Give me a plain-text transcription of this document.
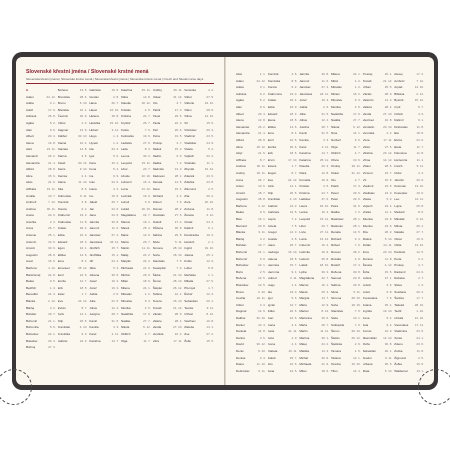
Slovenské křestní jména / Slovenské krstné mená
Slovenská křestní jména | Slovenské krstné mená | Slovenská křestní jména | Slovenské krstné mená | Czech and Slovak name days
A
Adam	24. 12.
Adéla	3. 1.
Adolf	17. 6.
Adriana	26. 8.
Agáta	5. 2.
Alan	9. 6.
Albert	20. 4.
Alena	13. 8.
Aleš	24. 11.
Alexandr	26. 2.
Alexandra	21. 4.
Alfréd	28. 8.
Alice	15. 6.
Alois	21. 6.
Alžběta	19. 11.
Amálie	10. 7.
Ambrož	7. 12.
Andrea	30. 11.
Aneta	20. 6.
Anežka	2. 3.
Anna	26. 7.
Antonie	25. 1.
Antonín	13. 6.
Arnošt	30. 6.
Augustin	28. 8.
Aurel	15. 6.
Barbora	4. 12.
Bartoloměj	24. 8.
Beáta	9. 5.
Bedřich	1. 3.
Benedikt	21. 3.
Blanka	2. 12.
Blažej	3. 2.
Bohdan	19. 7.
Bohumil	21. 1.
Bohumila	5. 9.
Bohuslav	22. 1.
Boleslav	29. 3.
Bořivoj	27. 3.
Božena	13. 5.
Bronislav	28. 6.
Bruno	6. 10.
Břetislav	10. 1.
Čestmír	26. 9.
Ctibor	4. 3.
Dagmar	12. 9.
Dalibor	30. 10.
Daniel	10. 4.
Daniela	14. 8.
Darina	3. 5.
David	30. 12.
Denis	9. 10.
Denisa	2. 4.
Diana	11. 10.
Dita	8. 6.
Dobroslav	6. 11.
Dominik	4. 8.
Dorota	6. 2.
Drahomír	23. 3.
Drahoslav	11. 8.
Dušan	26. 4.
Edita	16. 9.
Eduard	18. 3.
Egon	16. 1.
Eliška	14. 6.
Ema	8. 4.
Emanuel	25. 12.
Emil	22. 5.
Emílie	12. 7.
Erik	18. 5.
Ester	1. 7.
Eva	24. 12.
Evžen	8. 7.
Felix	14. 1.
Filip	26. 5.
František	4. 10.
Františka	9. 3.
Gabriel	24. 3.
Gabriela	19. 5.
Gustav	2. 8.
Hana	26. 7.
Havel	16. 10.
Helena	18. 8.
Hedvika	15. 10.
Hubert	3. 11.
Hugo	1. 4.
Hynek	1. 2.
Ida	23. 3.
Igor	5. 6.
Ilona	15. 4.
Irena	5. 4.
Iva	9. 9.
Ivan	24. 6.
Ivana	4. 4.
Ivo	19. 5.
Jakub	25. 7.
Jan	24. 6.
Jana	24. 5.
Jarmila	30. 8.
Jaromír	11. 6.
Jaroslav	27. 4.
Jaroslava	26. 11.
Jindřich	15. 7.
Jindřiška	15. 1.
Jiří	24. 4.
Jitka	5. 3.
Johana	30. 5.
Josef	19. 3.
Jozef	19. 3.
Judita	2. 6.
Julie	21. 5.
Julius	12. 4.
Justýna	28. 7.
Kamil	31. 5.
Kamila	3. 3.
Karel	4. 11.
Karolína	14. 7.
Kateřina	25. 11.
Klára	12. 8.
Klaudie	18. 12.
Kristián	4. 5.
Kristina	24. 7.
Kryštof	25. 7.
Květa	7. 6.
Květoslav	19. 6.
Ladislav	27. 6.
Lada	8. 3.
Leona	30. 3.
Leopold	15. 11.
Libor	23. 7.
Libuše	10. 10.
Lubomír	16. 4.
Lucie	13. 12.
Ludmila	16. 9.
Luboš	3. 6.
Lukáš	18. 10.
Magdaléna 22. 7.
Marcel	16. 1.
Marek	25. 4.
Marie	12. 9.
Marta	29. 7.
Martin	11. 11.
Matěj	24. 2.
Matyáš	24. 2.
Michaela	21. 9.
Michal	29. 9.
Milan	18. 6.
Milena	24. 1.
Miloslav	1. 2.
Miroslav	6. 3.
Monika	4. 5.
Naděžda	17. 9.
Natálie	27. 7.
Nikola	6. 12.
Oldřich	4. 7.
Olga	11. 7.
Ondřej	30. 11.
Oskar	31. 12.
Oto	2. 7.
Patrik	17. 3.
Pavel	29. 6.
Pavla	22. 3.
Petr	29. 6.
Petra	31. 5.
Prokop	4. 7.
Radek	15. 2.
Radim	6. 5.
Radka	7. 2.
Radmila	13. 3.
Radovan	28. 1.
Renata	14. 5.
René	15. 4.
Richard	3. 4.
Robert	7. 6.
Roman	28. 2.
Rostislav	27. 5.
Rudolf	17. 4.
Růžena	30. 8.
Sabina	29. 8.
Silvie	5. 11.
Simona	28. 10.
Soňa	18. 10.
Stanislav	7. 5.
Svatopluk	7. 9.
Šárka	21. 10.
Šimon	28. 10.
Štěpán	26. 12.
Taťána	12. 1.
Tereza	15. 10.
Tomáš	21. 12.
Václav	28. 9.
Valerie	28. 4.
Vanda	27. 10.
Vendula	16. 2.
Věra	17. 11.
Veronika	4. 2.
Viktor	27. 5.
Viktorie	23. 12.
Vilém	28. 5.
Vilma	14. 12.
Vít	15. 6.
Vítězslav	20. 3.
Vladimír	23. 5.
Vladislav	24. 9.
Vlasta	5. 2.
Vojtěch	23. 4.
Vratislav	11. 1.
Zbyněk	16. 12.
Zdeněk	23. 6.
Zdeňka	23. 8.
Zikmund	2. 5.
Zita	26. 2.
Zora	20. 10.
Zuzana	11. 8.
Žaneta	4. 12.
Ctirad	24. 3.
Dalimil	9. 1.
Doubravka	10. 2.
Hostivít	2. 1.
Ingrid	19. 10.
Jolana	25. 1.
Kvido	12. 9.
Lubor	5. 8.
Mečislav	1. 1.
Milada	27. 5.
Přemysl	1. 7.
Řehoř	12. 3.
Sebastián	20. 1.
Teodor	9. 11.
Užívat	8. 12.
Vavřinec	10. 8.
Zlatuše	14. 1.
Zoe	27. 2.
Žofie	15. 5.
Abel	1. 1.
Adam	24. 12.
Adela	3. 1.
Adriána	9. 2.
Agáta	5. 2.
Alan	9. 6.
Albert	20. 4.
Alena	13. 8.
Alexander	26. 2.
Alexandra	21. 4.
Alfréd	28. 8.
Alica	18. 12.
Alojz	21. 6.
Alžbeta	8. 7.
Andrea	30. 11.
Andrej	30. 11.
Anna	26. 7.
Anton	13. 6.
Arnold	18. 7.
Augustín	28. 8.
Barbora	4. 12.
Beáta	9. 5.
Belo	16. 1.
Bernard	20. 8.
Blanka	3. 11.
Blažej	3. 2.
Bohdan	19. 7.
Bohumil	21. 1.
Bohumír	5. 9.
Bohuslav	22. 1.
Boris	2. 5.
Božena	13. 5.
Branislav	12. 5.
Bruno	6. 10.
Cecília	22. 11.
Ctibor	4. 3.
Dagmar	12. 9.
Dalibor	30. 10.
Daniel	10. 4.
Daniela	14. 8.
Darina	3. 5.
Dávid	30. 12.
Denis	9. 10.
Denisa	2. 4.
Diana	11. 10.
Dobroslav	6. 11.
Dominik	4. 8.
Dominika	8. 8.
Dorota	6. 2.
Drahomíra	23. 3.
Dušan	26. 4.
Edita	16. 9.
Eduard	18. 3.
Elena	18. 8.
Eliška	14. 6.
Ema	8. 4.
Emil	22. 5.
Emília	30. 6.
Erik	18. 5.
Ervín	17. 10.
Estera	1. 7.
Eugen	8. 7.
Eva	24. 12.
Félix	14. 1.
Filip	26. 5.
František	4. 10.
Gabriel	24. 3.
Gabriela	19. 5.
Gejza	7. 2.
Gizela	7. 5.
Gregor	12. 3.
Gustáv	2. 8.
Hana	26. 7.
Hedviga	15. 10.
Helena	18. 8.
Henrieta	15. 7.
Hermína	9. 4.
Hubert	3. 11.
Hugo	1. 4.
Ida	23. 3.
Igor	5. 6.
Ignác	31. 7.
Ildikó	20. 6.
Ivan	24. 6.
Ivana	4. 4.
Iveta	21. 11.
Ivica	4. 9.
Ivona	4. 4.
Izabela	19. 11.
Jakub	25. 7.
Ján	24. 6.
Jana	24. 5.
Jarmila	30. 8.
Jaromír	11. 6.
Jaroslav	27. 4.
Jaroslava	26. 11.
Jozef	19. 3.
Judita	2. 6.
Júlia	21. 5.
Július	12. 4.
Justína	28. 7.
Kamil	31. 5.
Kamila	3. 3.
Karol	4. 11.
Karolína	14. 7.
Katarína	25. 11.
Klaudia	20. 3.
Klára	12. 8.
Kornélia	16. 9.
Kristián	4. 5.
Kristína	24. 7.
Ladislav	27. 6.
Laura	18. 10.
Lenka	10. 3.
Leopold	15. 11.
Libor	23. 7.
Lívia	27. 11.
Lucia	13. 12.
Ľubomír	16. 4.
Ľudmila	16. 9.
Ľudovít	25. 8.
Lukáš	18. 10.
Lýdia	30. 3.
Magdaléna 22. 7.
Marcel	16. 1.
Marek	25. 4.
Margita	13. 7.
Mária	12. 9.
Marián	8. 12.
Marianna	26. 6.
Marta	29. 7.
Martin	11. 11.
Martina	30. 1.
Matej	24. 2.
Matilda	14. 3.
Michal	29. 9.
Michaela	21. 9.
Milan	18. 6.
Milena	24. 1.
Miloš	1. 2.
Miloslav	1. 2.
Miriam	16. 2.
Miroslav	6. 3.
Monika	4. 5.
Nadežda	17. 9.
Natália	27. 7.
Nikola	6. 12.
Nina	14. 1.
Norbert	6. 6.
Oľga	11. 7.
Oldrich	4. 7.
Olívia	10. 6.
Ondrej	30. 11.
Oskar	31. 12.
Oto	2. 7.
Patrik	17. 3.
Pavol	29. 6.
Peter	29. 6.
Petra	31. 5.
Radka	7. 2.
Radoslav	28. 1.
Radovan	28. 1.
Renáta	14. 5.
Richard	3. 4.
Róbert	7. 6.
Roman	28. 2.
Rozália	4. 9.
Rudolf	17. 4.
Ružena	30. 8.
Samuel	20. 8.
Sabína	29. 8.
Silvia	5. 11.
Simona	28. 10.
Soňa	18. 10.
Stanislav	7. 5.
Stela	10. 1.
Svätopluk	7. 9.
Šimon	28. 10.
Štefan	26. 12.
Štefánia	2. 9.
Tamara	1. 5.
Tatiana	12. 1.
Terézia	15. 10.
Tibor	14. 4.
Timotej	26. 1.
Tomáš	21. 12.
Urban	25. 5.
Václav	28. 9.
Valentín	14. 2.
Valéria	28. 4.
Vanda	27. 10.
Vavrinec	10. 8.
Vendelín	20. 10.
Veronika	4. 2.
Viera	17. 11.
Viktor	27. 5.
Viktória	23. 12.
Vilma	14. 12.
Viliam	28. 5.
Vincent	19. 7.
Vít	15. 6.
Vladimír	23. 5.
Vladislav	24. 9.
Vlasta	5. 2.
Vojtech	23. 4.
Vratko	11. 1.
Zdenka	23. 8.
Zdenko	23. 6.
Zita	26. 2.
Zlatica	5. 10.
Zoltán	24. 11.
Zora	20. 10.
Zuzana	11. 8.
Žaneta	4. 12.
Žofia	15. 5.
Ľubica	27. 1.
Ľuboš	3. 6.
Ľubor	5. 8.
Kvetoslava	7. 6.
Jolana	25. 1.
Ingrida	19. 10.
Irena	5. 4.
Jela	9. 2.
Kornel	16. 9.
Maximilián 12. 10.
Ruža	30. 8.
Sebastián	20. 1.
Teodor	9. 11.
Urbana	25. 5.
Zlata	5. 10.
Alexej	17. 2.
Ambróz	7. 12.
Arpád	14. 10.
Bibiána	2. 12.
Bystrík	15. 12.
Cyril	5. 7.
Ctiboh	4. 3.
Dalimír	9. 1.
Drahoslav	11. 8.
Ela	18. 8.
Elvíra	23. 9.
Etela	11. 7.
Filoména	11. 8.
Hortenzia	11. 1.
Imrich	5. 11.
Izidor	4. 4.
Jarolím	30. 9.
Koloman	13. 10.
Kvetoslav	19. 6.
Leo	10. 11.
Lujza	25. 8.
Medard	8. 6.
Mikuláš	6. 12.
Milota	29. 1.
Nataša	27. 7.
Oliver	10. 6.
Otília	13. 12.
Pankrác	12. 5.
Perla	3. 2.
Prokop	4. 7.
Radomír	24. 6.
Rebeka	2. 7.
Sláva	1. 3.
Svetlana	20. 3.
Šarlota	17. 7.
Tadeáš	28. 10.
Teofil	1. 10.
Uršuľa	21. 10.
Vieroslava 17. 11.
Vladimíra	23. 5.
Xénia	24. 1.
Zdeno	23. 6.
Zuzka	11. 8.
Žigmund	2. 5.
Žofka	15. 5.
Waldemar	13. 1.
